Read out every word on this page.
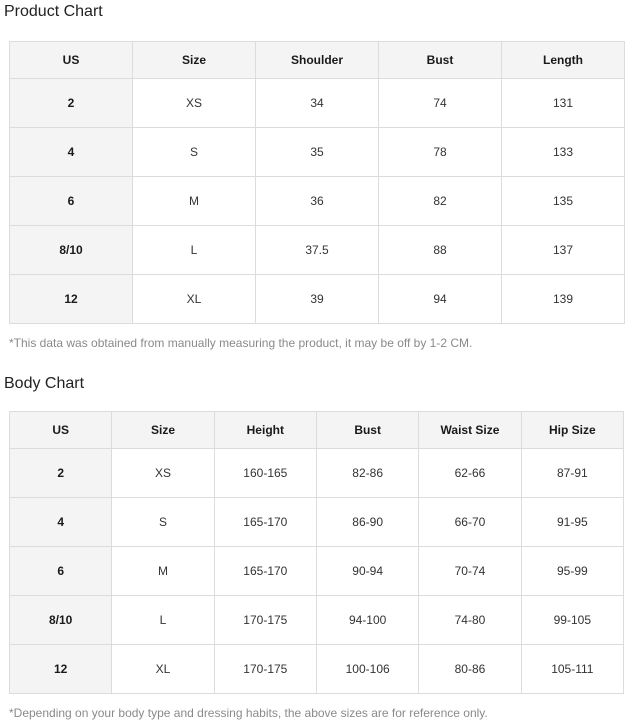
Product Chart
US	Size	Shoulder	Bust	Length
2	XS	34	74	131
4	S	35	78	133
6	M	36	82	135
8/10	L	37.5	88	137
12	XL	39	94	139
*This data was obtained from manually measuring the product, it may be off by 1-2 CM.
Body Chart
US	Size	Height	Bust	Waist Size	Hip Size
2	XS	160-165	82-86	62-66	87-91
4	S	165-170	86-90	66-70	91-95
6	M	165-170	90-94	70-74	95-99
8/10	L	170-175	94-100	74-80	99-105
12	XL	170-175	100-106	80-86	105-111
*Depending on your body type and dressing habits, the above sizes are for reference only.
